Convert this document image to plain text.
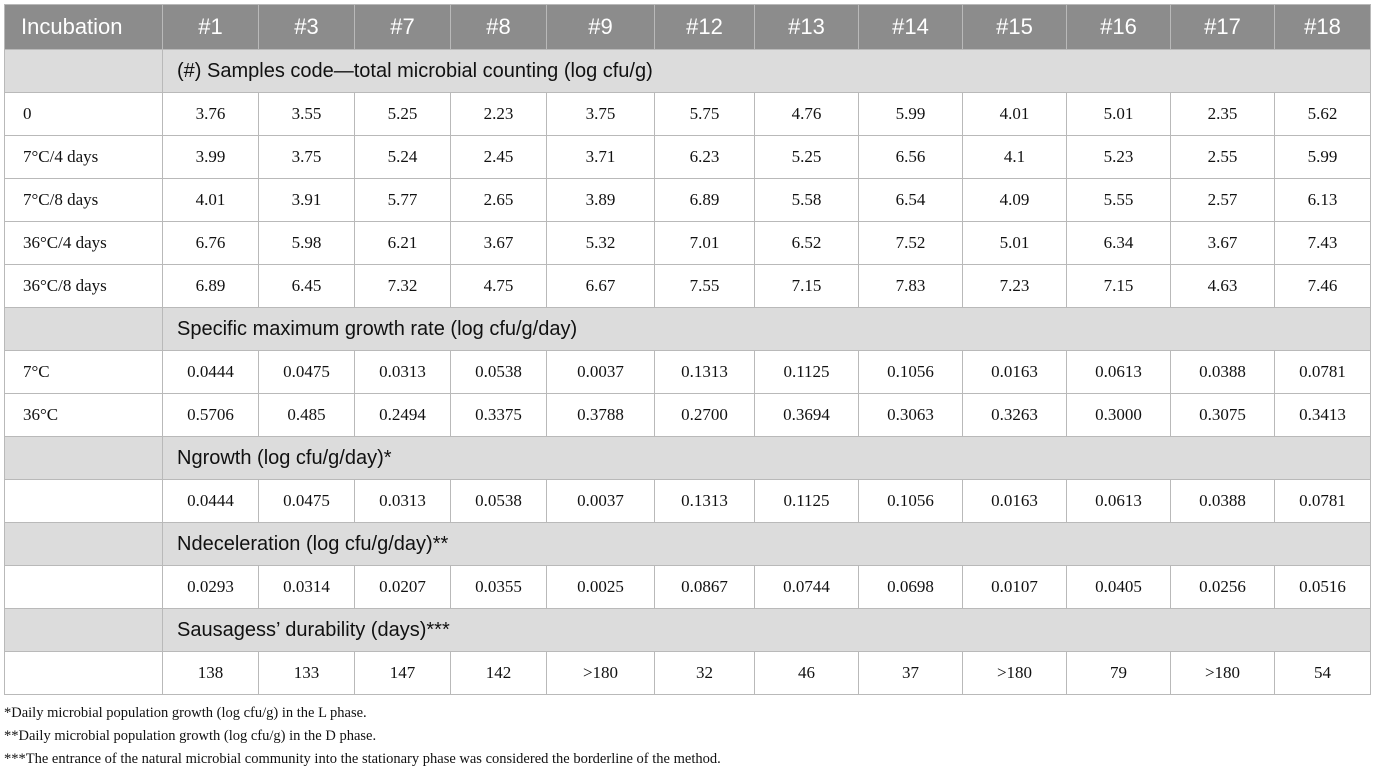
Incubation	#1	#3	#7	#8	#9	#12	#13	#14	#15	#16	#17	#18
	(#) Samples code—total microbial counting (log cfu/g)											
0	3.76	3.55	5.25	2.23	3.75	5.75	4.76	5.99	4.01	5.01	2.35	5.62
7°C/4 days	3.99	3.75	5.24	2.45	3.71	6.23	5.25	6.56	4.1	5.23	2.55	5.99
7°C/8 days	4.01	3.91	5.77	2.65	3.89	6.89	5.58	6.54	4.09	5.55	2.57	6.13
36°C/4 days	6.76	5.98	6.21	3.67	5.32	7.01	6.52	7.52	5.01	6.34	3.67	7.43
36°C/8 days	6.89	6.45	7.32	4.75	6.67	7.55	7.15	7.83	7.23	7.15	4.63	7.46
	Specific maximum growth rate (log cfu/g/day)											
7°C	0.0444	0.0475	0.0313	0.0538	0.0037	0.1313	0.1125	0.1056	0.0163	0.0613	0.0388	0.0781
36°C	0.5706	0.485	0.2494	0.3375	0.3788	0.2700	0.3694	0.3063	0.3263	0.3000	0.3075	0.3413
	Ngrowth (log cfu/g/day)*											
	0.0444	0.0475	0.0313	0.0538	0.0037	0.1313	0.1125	0.1056	0.0163	0.0613	0.0388	0.0781
	Ndeceleration (log cfu/g/day)**											
	0.0293	0.0314	0.0207	0.0355	0.0025	0.0867	0.0744	0.0698	0.0107	0.0405	0.0256	0.0516
	Sausagess’ durability (days)***											
	138	133	147	142	>180	32	46	37	>180	79	>180	54
*Daily microbial population growth (log cfu/g) in the L phase.
**Daily microbial population growth (log cfu/g) in the D phase.
***The entrance of the natural microbial community into the stationary phase was considered the borderline of the method.
